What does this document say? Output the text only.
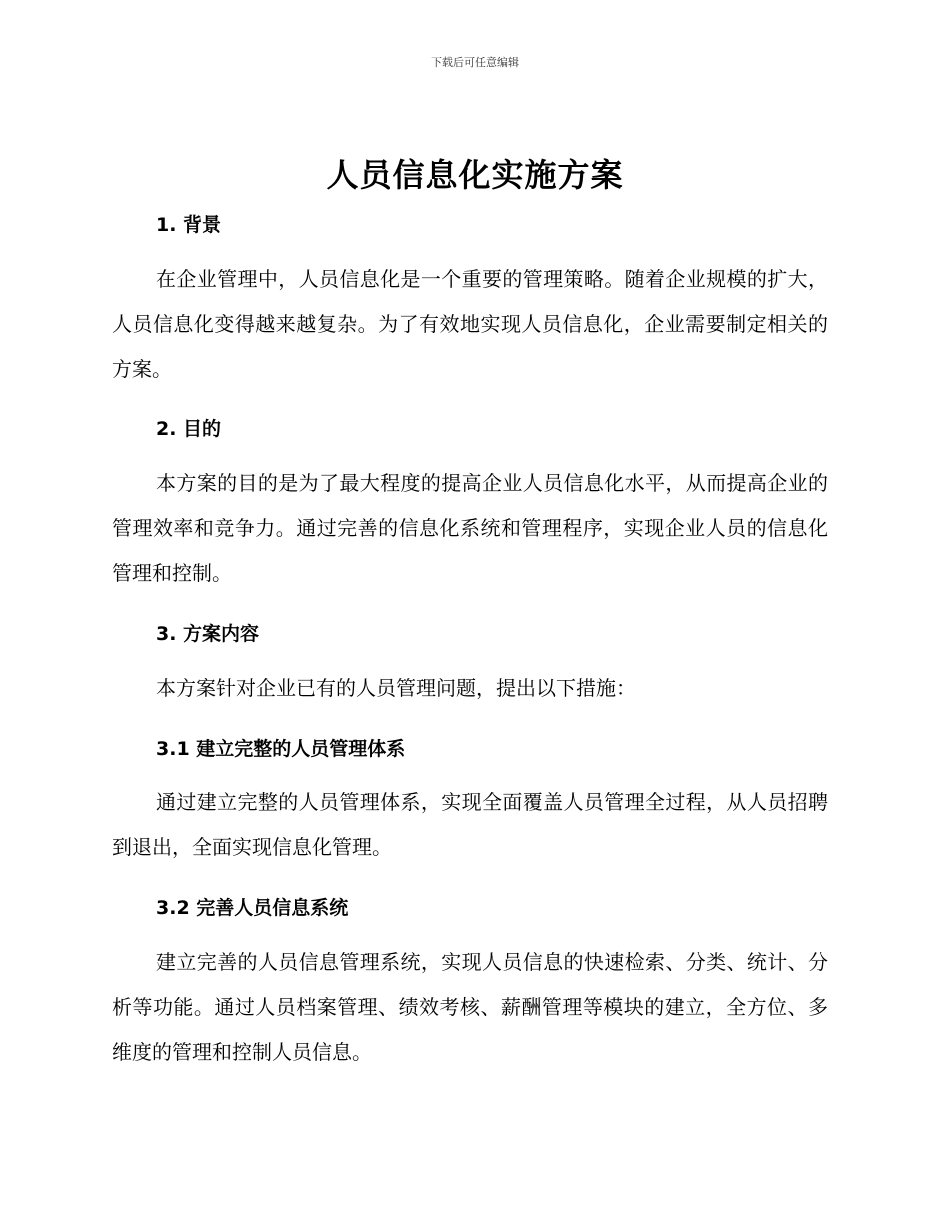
下载后可任意编辑
人员信息化实施方案
1. 背景

在企业管理中，人员信息化是一个重要的管理策略。随着企业规模的扩大，人员信息化变得越来越复杂。为了有效地实现人员信息化，企业需要制定相关的方案。

2. 目的

本方案的目的是为了最大程度的提高企业人员信息化水平，从而提高企业的管理效率和竞争力。通过完善的信息化系统和管理程序，实现企业人员的信息化管理和控制。

3. 方案内容

本方案针对企业已有的人员管理问题，提出以下措施：

3.1 建立完整的人员管理体系

通过建立完整的人员管理体系，实现全面覆盖人员管理全过程，从人员招聘到退出，全面实现信息化管理。

3.2 完善人员信息系统

建立完善的人员信息管理系统，实现人员信息的快速检索、分类、统计、分析等功能。通过人员档案管理、绩效考核、薪酬管理等模块的建立，全方位、多维度的管理和控制人员信息。
